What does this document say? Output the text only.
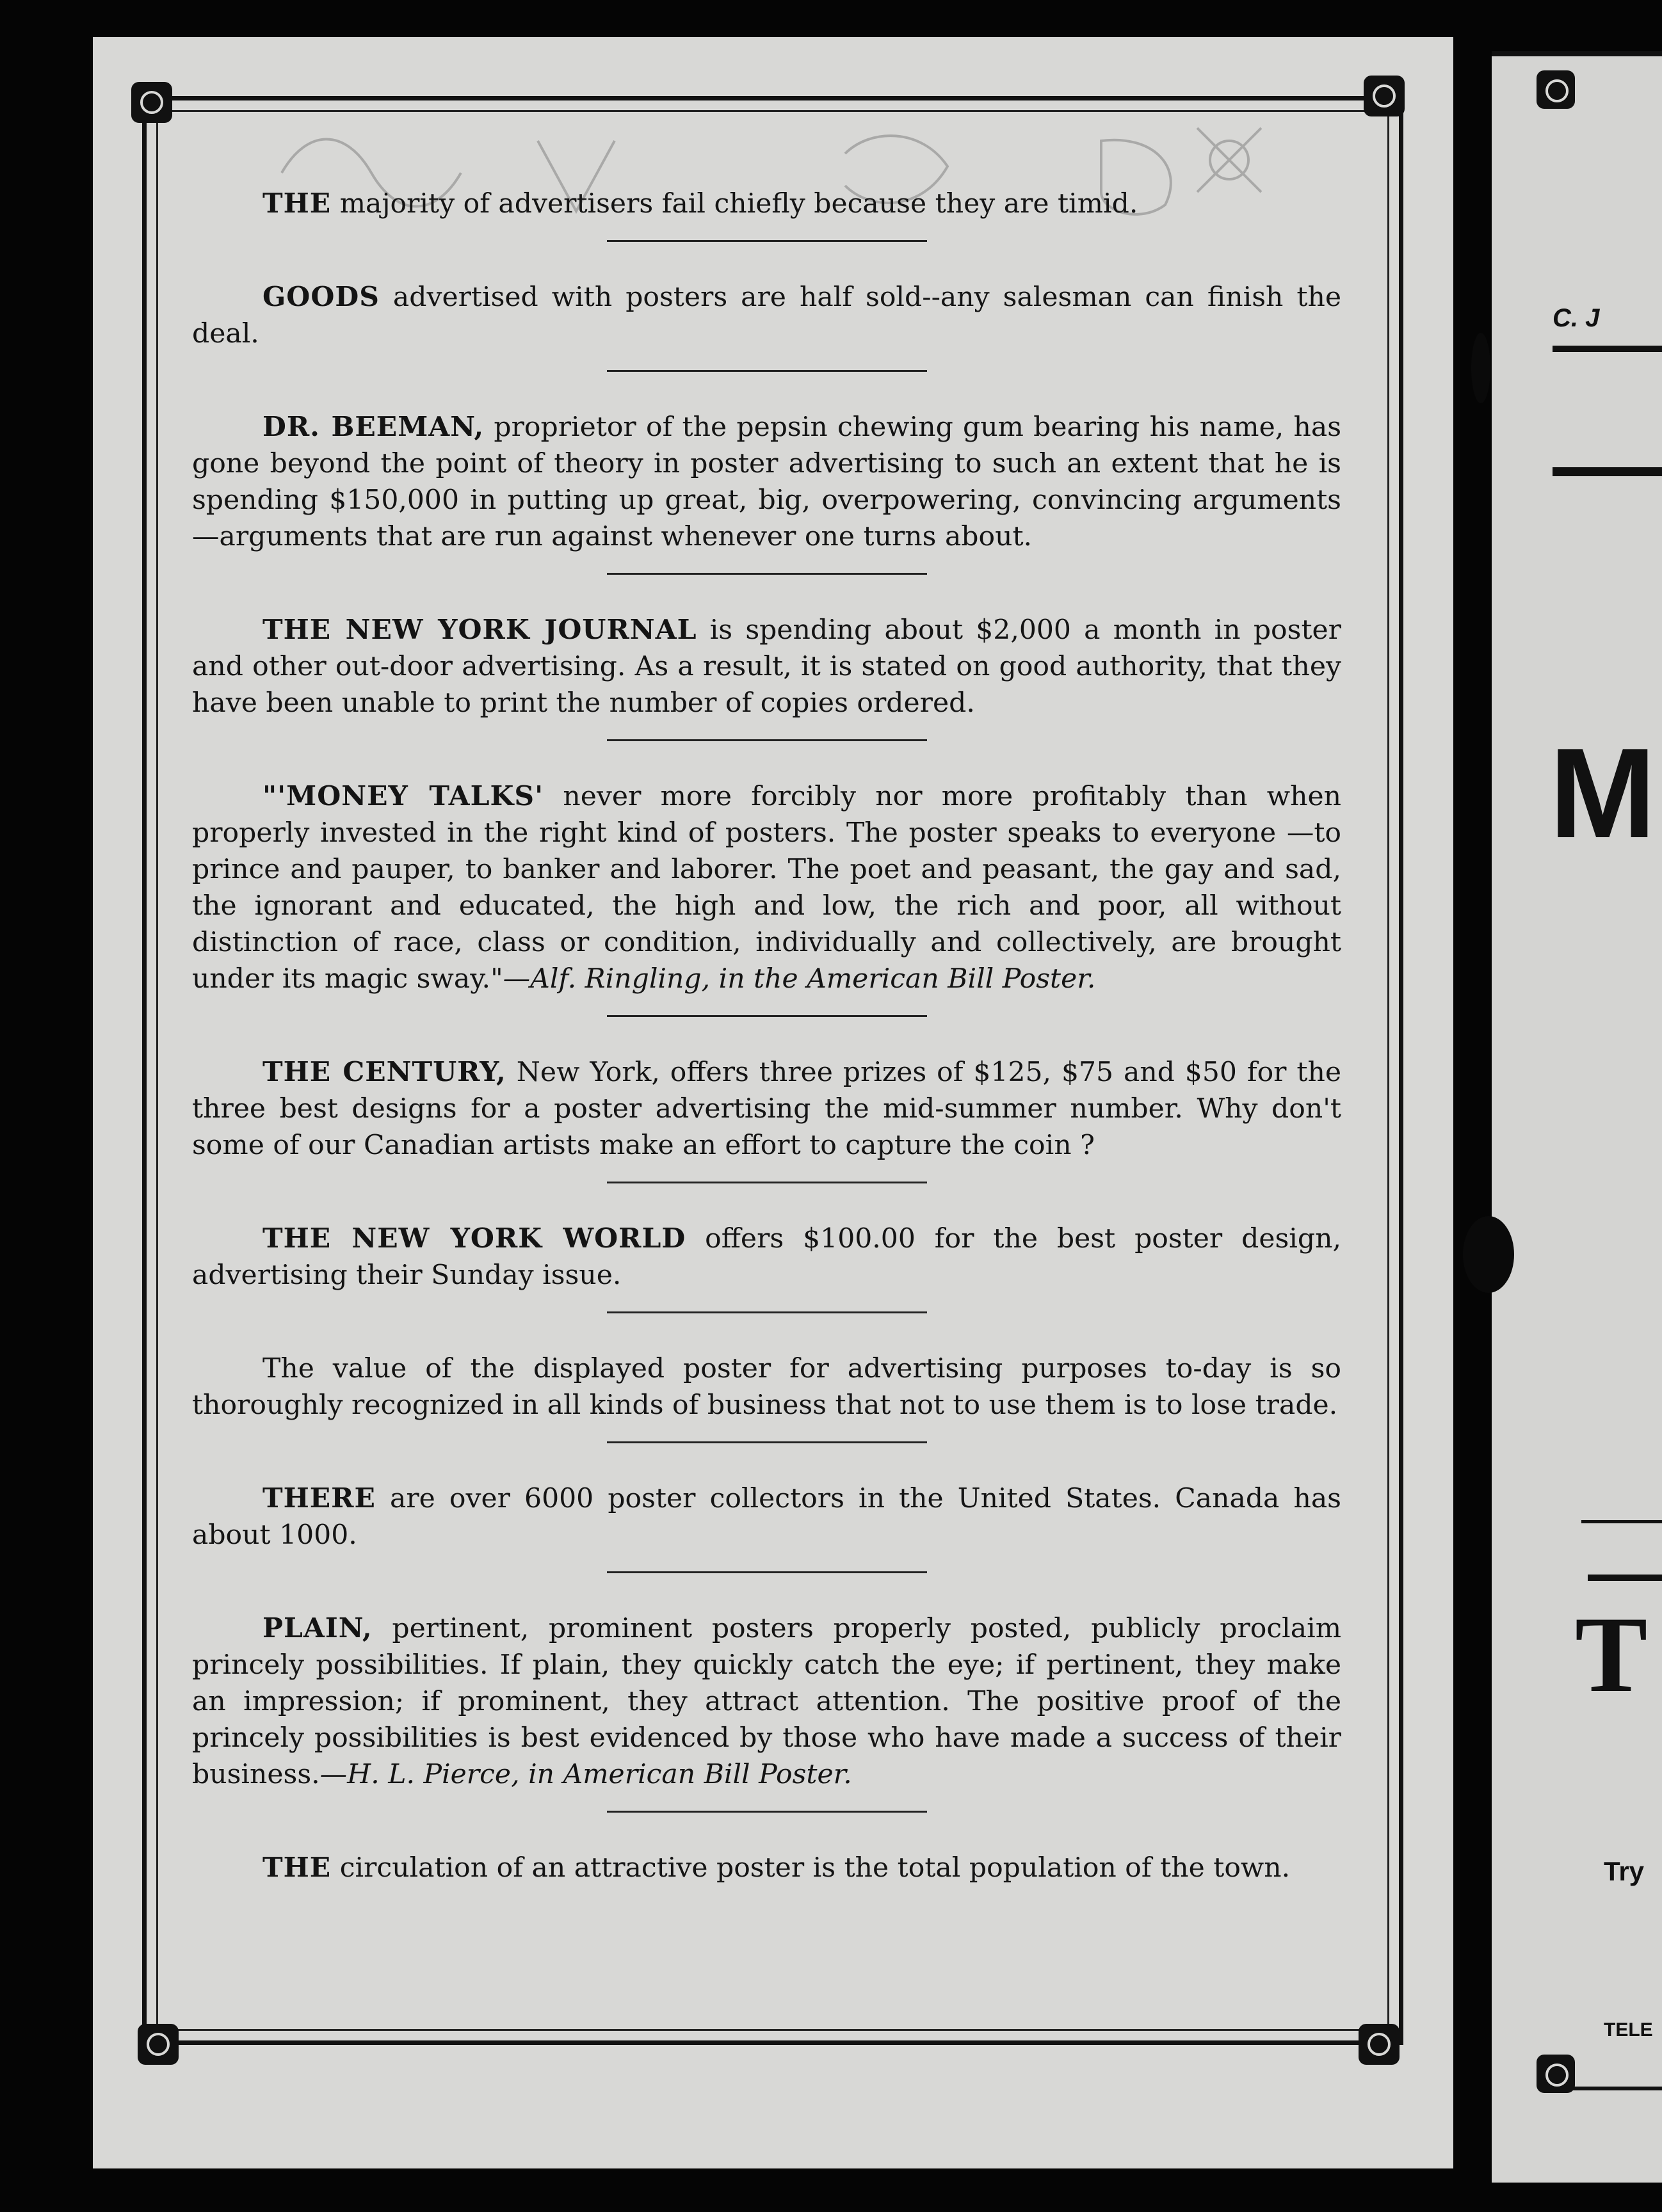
THE majority of advertisers fail chiefly because they are timid.

GOODS advertised with posters are half sold--any salesman can finish the deal.

DR. BEEMAN, proprietor of the pepsin chewing gum bearing his name, has gone beyond the point of theory in poster advertising to such an extent that he is spending $150,000 in putting up great, big, overpowering, convincing arguments—arguments that are run against whenever one turns about.

THE NEW YORK JOURNAL is spending about $2,000 a month in poster and other out-door advertising. As a result, it is stated on good authority, that they have been unable to print the number of copies ordered.

"'MONEY TALKS' never more forcibly nor more profitably than when properly invested in the right kind of posters. The poster speaks to everyone —to prince and pauper, to banker and laborer. The poet and peasant, the gay and sad, the ignorant and educated, the high and low, the rich and poor, all without distinction of race, class or condition, individually and collectively, are brought under its magic sway."—Alf. Ringling, in the American Bill Poster.

THE CENTURY, New York, offers three prizes of $125, $75 and $50 for the three best designs for a poster advertising the mid-summer number. Why don't some of our Canadian artists make an effort to capture the coin ?

THE NEW YORK WORLD offers $100.00 for the best poster design, advertising their Sunday issue.

The value of the displayed poster for advertising purposes to-day is so thoroughly recognized in all kinds of business that not to use them is to lose trade.

THERE are over 6000 poster collectors in the United States. Canada has about 1000.

PLAIN, pertinent, prominent posters properly posted, publicly proclaim princely possibilities. If plain, they quickly catch the eye; if pertinent, they make an impression; if prominent, they attract attention. The positive proof of the princely possibilities is best evidenced by those who have made a success of their business.—H. L. Pierce, in American Bill Poster.

THE circulation of an attractive poster is the total population of the town.

C. J
M
T
Try
TELE
